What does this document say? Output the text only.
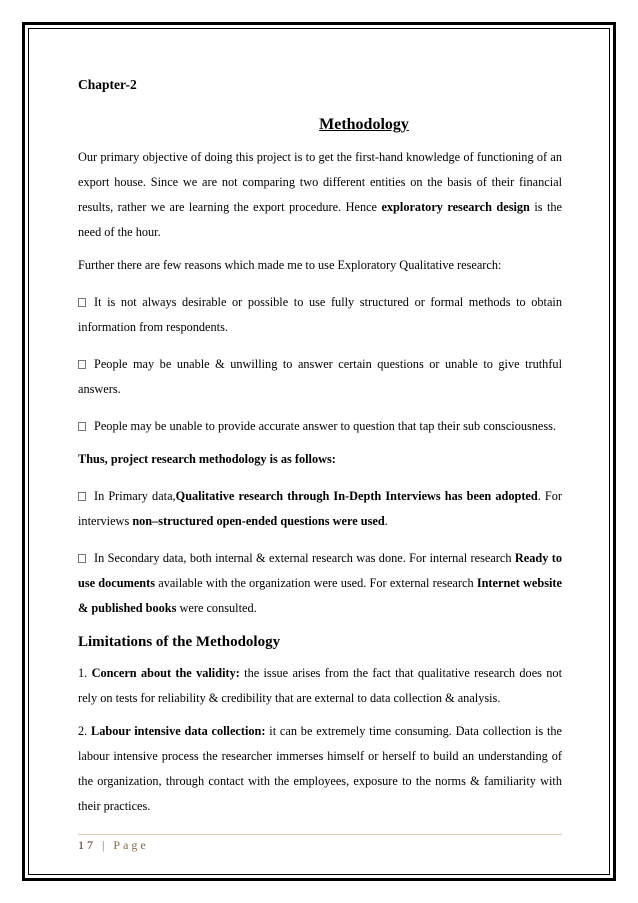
Chapter-2
Methodology

Our primary objective of doing this project is to get the first-hand knowledge of functioning of an export house. Since we are not comparing two different entities on the basis of their financial results, rather we are learning the export procedure. Hence exploratory research design is the need of the hour.

Further there are few reasons which made me to use Exploratory Qualitative research:

It is not always desirable or possible to use fully structured or formal methods to obtain information from respondents.

People may be unable & unwilling to answer certain questions or unable to give truthful answers.

People may be unable to provide accurate answer to question that tap their sub consciousness.

Thus, project research methodology is as follows:

In Primary data,Qualitative research through In-Depth Interviews has been adopted. For interviews non–structured open-ended questions were used.

In Secondary data, both internal & external research was done. For internal research Ready to use documents available with the organization were used. For external research Internet website & published books were consulted.

Limitations of the Methodology

1. Concern about the validity: the issue arises from the fact that qualitative research does not rely on tests for reliability & credibility that are external to data collection & analysis.

2. Labour intensive data collection: it can be extremely time consuming. Data collection is the labour intensive process the researcher immerses himself or herself to build an understanding of the organization, through contact with the employees, exposure to the norms & familiarity with their practices.

17 | Page
